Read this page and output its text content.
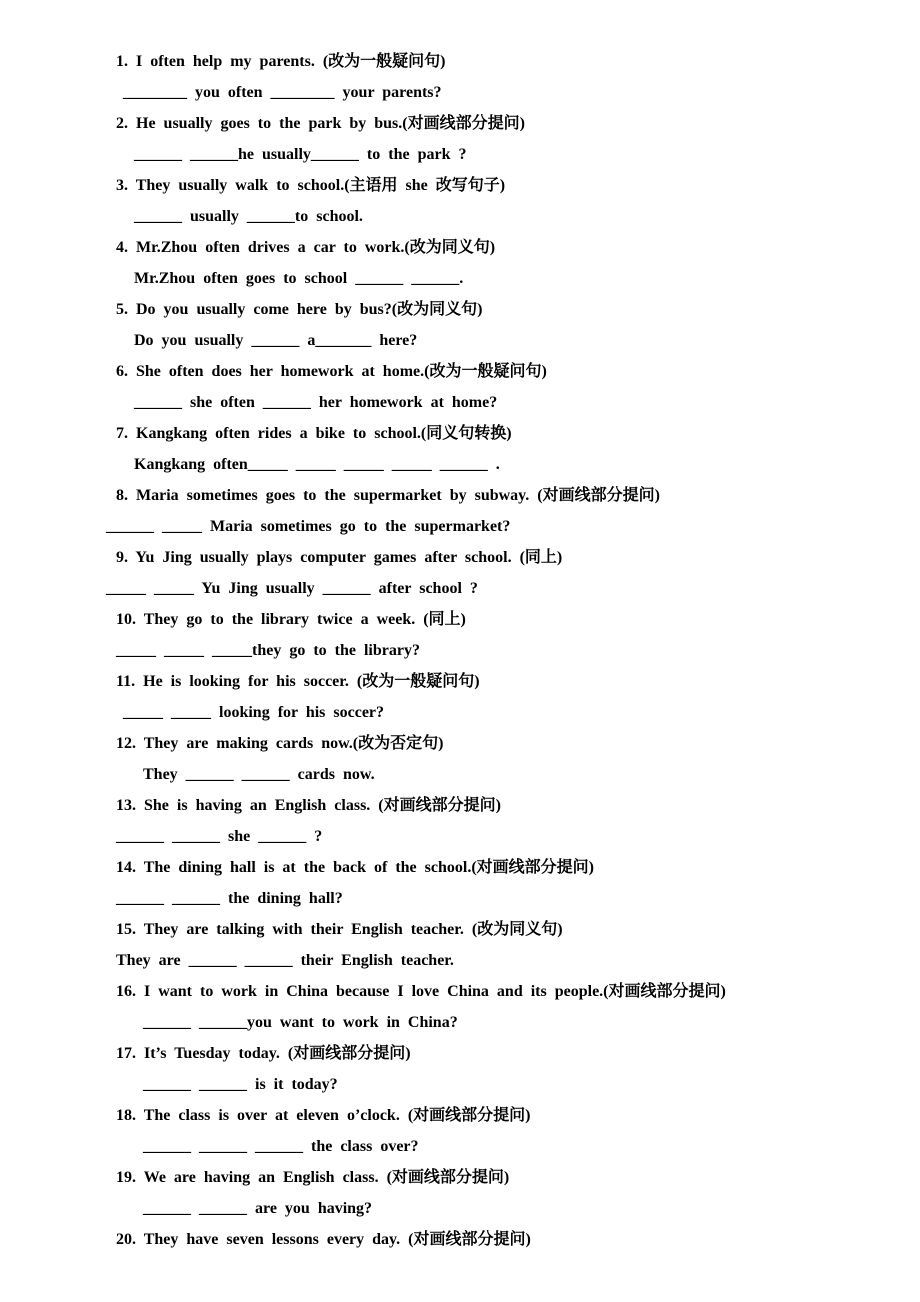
1. I often help my parents. (改为一般疑问句)
________ you often ________ your parents?
2. He usually goes to the park by bus.(对画线部分提问)
______ ______he usually______ to the park ?
3. They usually walk to school.(主语用 she 改写句子)
______ usually ______to school.
4. Mr.Zhou often drives a car to work.(改为同义句)
Mr.Zhou often goes to school ______ ______.
5. Do you usually come here by bus?(改为同义句)
Do you usually ______ a_______ here?
6. She often does her homework at home.(改为一般疑问句)
______ she often ______ her homework at home?
7. Kangkang often rides a bike to school.(同义句转换)
Kangkang often_____ _____ _____ _____ ______ .
8. Maria sometimes goes to the supermarket by subway. (对画线部分提问)
______ _____ Maria sometimes go to the supermarket?
9. Yu Jing usually plays computer games after school. (同上)
_____ _____ Yu Jing usually ______ after school ?
10. They go to the library twice a week. (同上)
_____ _____ _____they go to the library?
11. He is looking for his soccer. (改为一般疑问句)
_____ _____ looking for his soccer?
12. They are making cards now.(改为否定句)
They ______ ______ cards now.
13. She is having an English class. (对画线部分提问)
______ ______ she ______ ?
14. The dining hall is at the back of the school.(对画线部分提问)
______ ______ the dining hall?
15. They are talking with their English teacher. (改为同义句)
They are ______ ______ their English teacher.
16. I want to work in China because I love China and its people.(对画线部分提问)
______ ______you want to work in China?
17. It’s Tuesday today. (对画线部分提问)
______ ______ is it today?
18. The class is over at eleven o’clock. (对画线部分提问)
______ ______ ______ the class over?
19. We are having an English class. (对画线部分提问)
______ ______ are you having?
20. They have seven lessons every day. (对画线部分提问)
